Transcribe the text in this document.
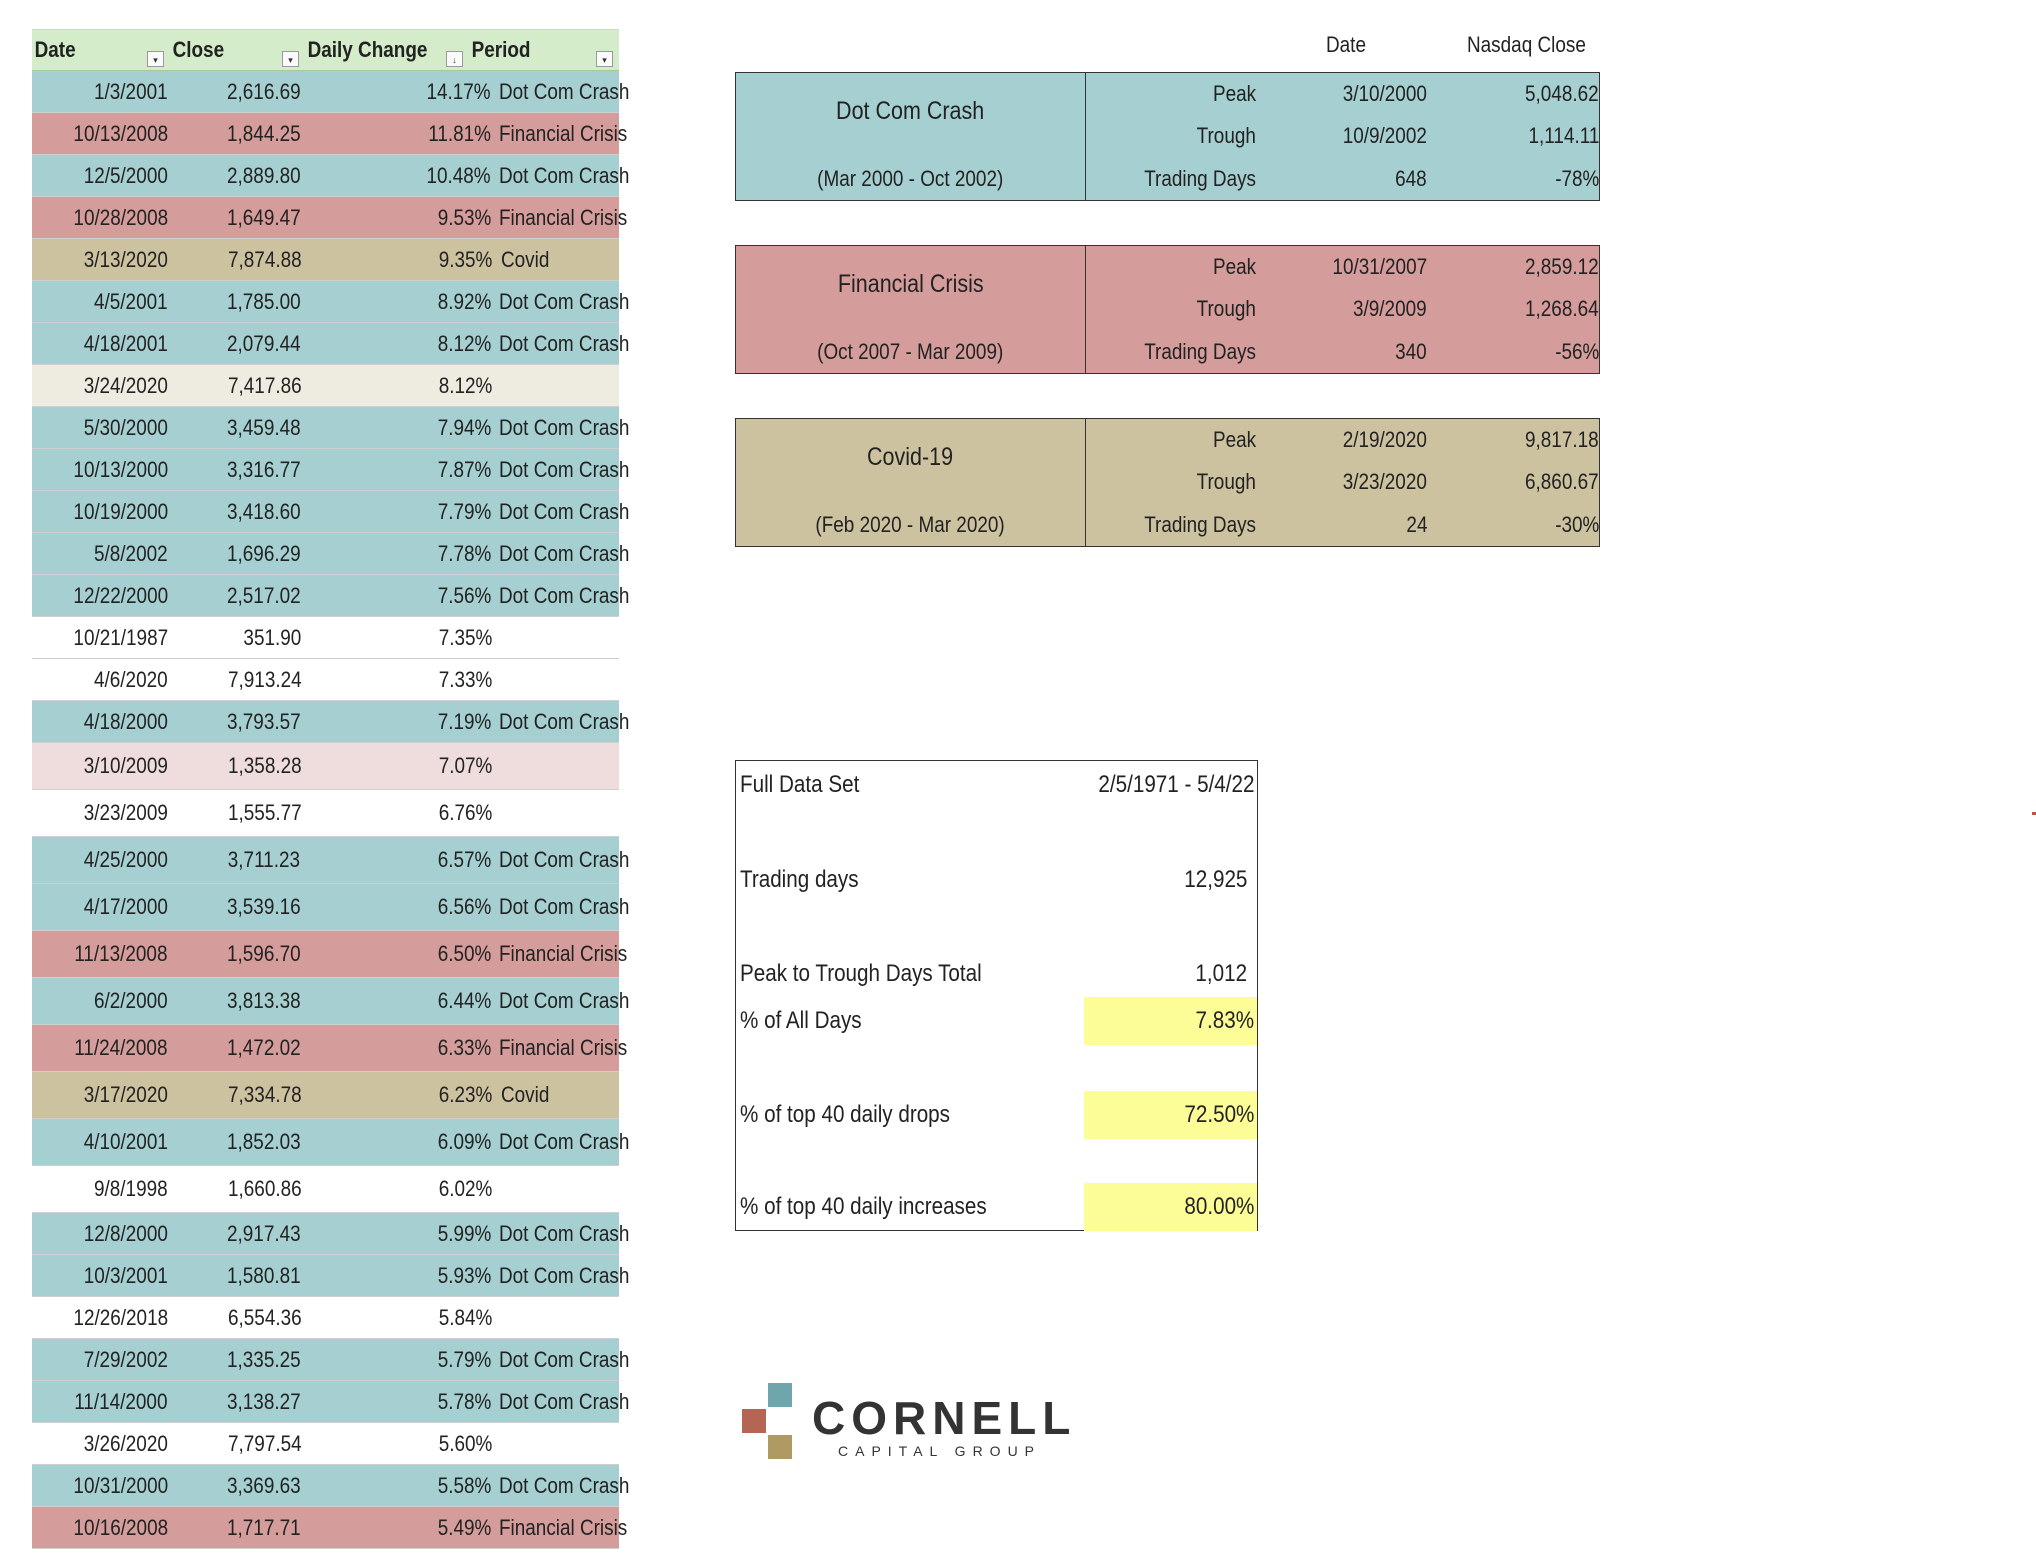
Date	▾ Close	▾ Daily Change	↓ Period	▾
1/3/2001	2,616.69	14.17% Dot Com Crash
10/13/2008	1,844.25	11.81% Financial Crisis
12/5/2000	2,889.80	10.48% Dot Com Crash
10/28/2008	1,649.47	9.53% Financial Crisis
3/13/2020	7,874.88	9.35% Covid
4/5/2001	1,785.00	8.92% Dot Com Crash
4/18/2001	2,079.44	8.12% Dot Com Crash
3/24/2020	7,417.86	8.12%
5/30/2000	3,459.48	7.94% Dot Com Crash
10/13/2000	3,316.77	7.87% Dot Com Crash
10/19/2000	3,418.60	7.79% Dot Com Crash
5/8/2002	1,696.29	7.78% Dot Com Crash
12/22/2000	2,517.02	7.56% Dot Com Crash
10/21/1987	351.90	7.35%
4/6/2020	7,913.24	7.33%
4/18/2000	3,793.57	7.19% Dot Com Crash
3/10/2009	1,358.28	7.07%
3/23/2009	1,555.77	6.76%
4/25/2000	3,711.23	6.57% Dot Com Crash
4/17/2000	3,539.16	6.56% Dot Com Crash
11/13/2008	1,596.70	6.50% Financial Crisis
6/2/2000	3,813.38	6.44% Dot Com Crash
11/24/2008	1,472.02	6.33% Financial Crisis
3/17/2020	7,334.78	6.23% Covid
4/10/2001	1,852.03	6.09% Dot Com Crash
9/8/1998	1,660.86	6.02%
12/8/2000	2,917.43	5.99% Dot Com Crash
10/3/2001	1,580.81	5.93% Dot Com Crash
12/26/2018	6,554.36	5.84%
7/29/2002	1,335.25	5.79% Dot Com Crash
11/14/2000	3,138.27	5.78% Dot Com Crash
3/26/2020	7,797.54	5.60%
10/31/2000	3,369.63	5.58% Dot Com Crash
10/16/2008	1,717.71	5.49% Financial Crisis
Date	Nasdaq Close
Dot Com Crash
(Mar 2000 - Oct 2002)
Peak	3/10/2000	5,048.62
Trough	10/9/2002	1,114.11
Trading Days	648	-78%
Financial Crisis
(Oct 2007 - Mar 2009)
Peak	10/31/2007	2,859.12
Trough	3/9/2009	1,268.64
Trading Days	340	-56%
Covid-19
(Feb 2020 - Mar 2020)
Peak	2/19/2020	9,817.18
Trough	3/23/2020	6,860.67
Trading Days	24	-30%
Full Data Set	2/5/1971 - 5/4/22
Trading days	12,925
Peak to Trough Days Total	1,012
% of All Days	7.83%
% of top 40 daily drops	72.50%
% of top 40 daily increases	80.00%
CORNELL
CAPITAL GROUP
